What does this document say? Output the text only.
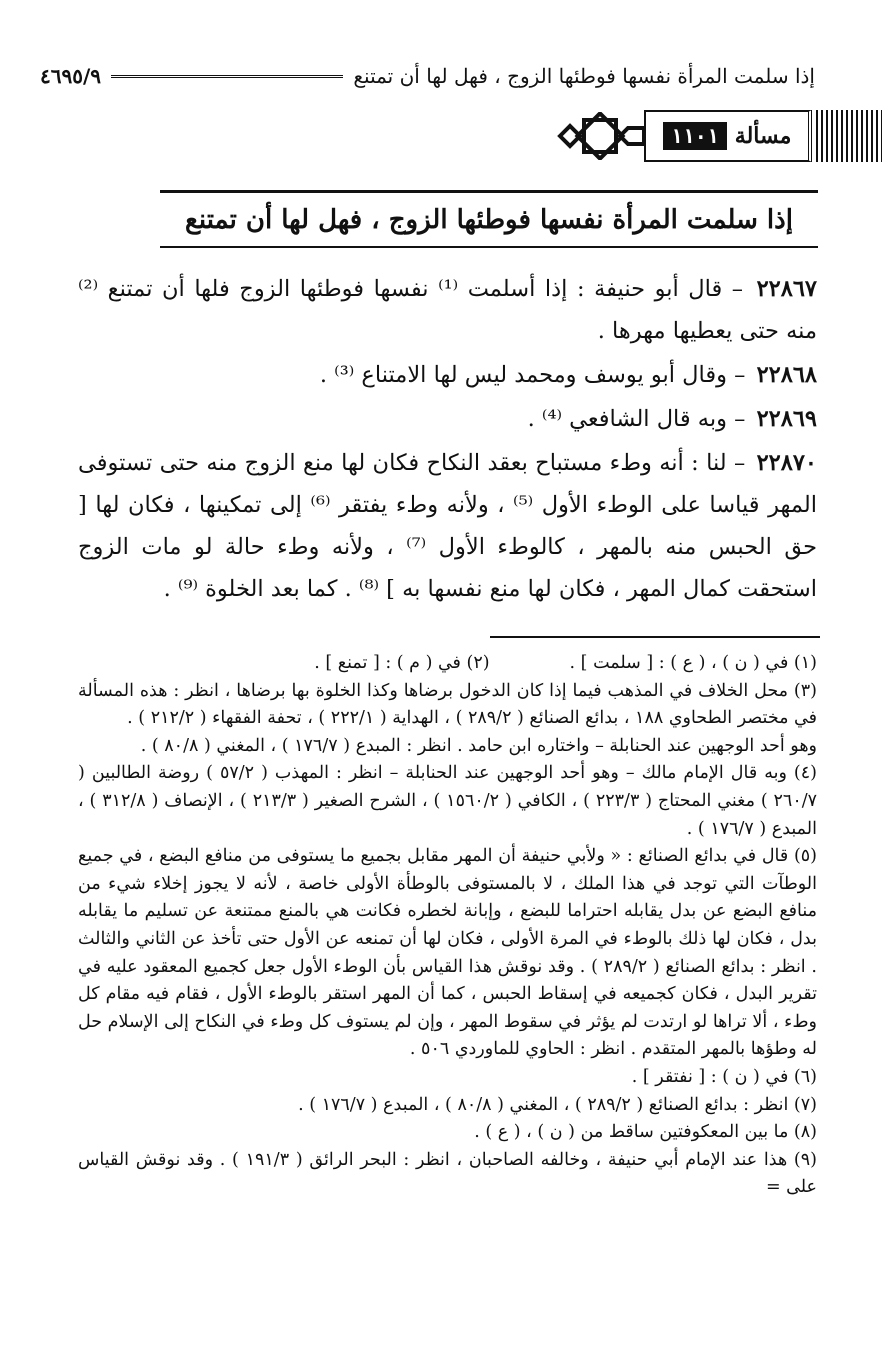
إذا سلمت المرأة نفسها فوطئها الزوج ، فهل لها أن تمتنع
٤٦٩٥/٩
مسألة
١١٠١
إذا سلمت المرأة نفسها فوطئها الزوج ، فهل لها أن تمتنع

٢٢٨٦٧ – قال أبو حنيفة : إذا أسلمت ⁽¹⁾ نفسها فوطئها الزوج فلها أن تمتنع ⁽²⁾ منه حتى يعطيها مهرها .

٢٢٨٦٨ – وقال أبو يوسف ومحمد ليس لها الامتناع ⁽³⁾ .

٢٢٨٦٩ – وبه قال الشافعي ⁽⁴⁾ .

٢٢٨٧٠ – لنا : أنه وطء مستباح بعقد النكاح فكان لها منع الزوج منه حتى تستوفى المهر قياسا على الوطء الأول ⁽⁵⁾ ، ولأنه وطء يفتقر ⁽⁶⁾ إلى تمكينها ، فكان لها [ حق الحبس منه بالمهر ، كالوطء الأول ⁽⁷⁾ ، ولأنه وطء حالة لو مات الزوج استحقت كمال المهر ، فكان لها منع نفسها به ] ⁽⁸⁾ . كما بعد الخلوة ⁽⁹⁾ .

(١) في ( ن ) ، ( ع ) : [ سلمت ] .
(٢) في ( م ) : [ تمنع ] .

(٣) محل الخلاف في المذهب فيما إذا كان الدخول برضاها وكذا الخلوة بها برضاها ، انظر : هذه المسألة في مختصر الطحاوي ١٨٨ ، بدائع الصنائع ( ٢٨٩/٢ ) ، الهداية ( ٢٢٢/١ ) ، تحفة الفقهاء ( ٢١٢/٢ ) .

وهو أحد الوجهين عند الحنابلة – واختاره ابن حامد . انظر : المبدع ( ١٧٦/٧ ) ، المغني ( ٨٠/٨ ) .

(٤) وبه قال الإمام مالك – وهو أحد الوجهين عند الحنابلة – انظر : المهذب ( ٥٧/٢ ) روضة الطالبين ( ٢٦٠/٧ ) مغني المحتاج ( ٢٢٣/٣ ) ، الكافي ( ١٥٦٠/٢ ) ، الشرح الصغير ( ٢١٣/٣ ) ، الإنصاف ( ٣١٢/٨ ) ، المبدع ( ١٧٦/٧ ) .

(٥) قال في بدائع الصنائع : « ولأبي حنيفة أن المهر مقابل بجميع ما يستوفى من منافع البضع ، في جميع الوطآت التي توجد في هذا الملك ، لا بالمستوفى بالوطأة الأولى خاصة ، لأنه لا يجوز إخلاء شيء من منافع البضع عن بدل يقابله احتراما للبضع ، وإبانة لخطره فكانت هي بالمنع ممتنعة عن تسليم ما يقابله بدل ، فكان لها ذلك بالوطء في المرة الأولى ، فكان لها أن تمنعه عن الأول حتى تأخذ عن الثاني والثالث . انظر : بدائع الصنائع ( ٢٨٩/٢ ) . وقد نوقش هذا القياس بأن الوطء الأول جعل كجميع المعقود عليه في تقرير البدل ، فكان كجميعه في إسقاط الحبس ، كما أن المهر استقر بالوطء الأول ، فقام فيه مقام كل وطء ، ألا تراها لو ارتدت لم يؤثر في سقوط المهر ، وإن لم يستوف كل وطء في النكاح إلى الإسلام حل له وطؤها بالمهر المتقدم . انظر : الحاوي للماوردي ٥٠٦ .

(٦) في ( ن ) : [ نفتقر ] .

(٧) انظر : بدائع الصنائع ( ٢٨٩/٢ ) ، المغني ( ٨٠/٨ ) ، المبدع ( ١٧٦/٧ ) .

(٨) ما بين المعكوفتين ساقط من ( ن ) ، ( ع ) .

(٩) هذا عند الإمام أبي حنيفة ، وخالفه الصاحبان ، انظر : البحر الرائق ( ١٩١/٣ ) . وقد نوقش القياس على =
